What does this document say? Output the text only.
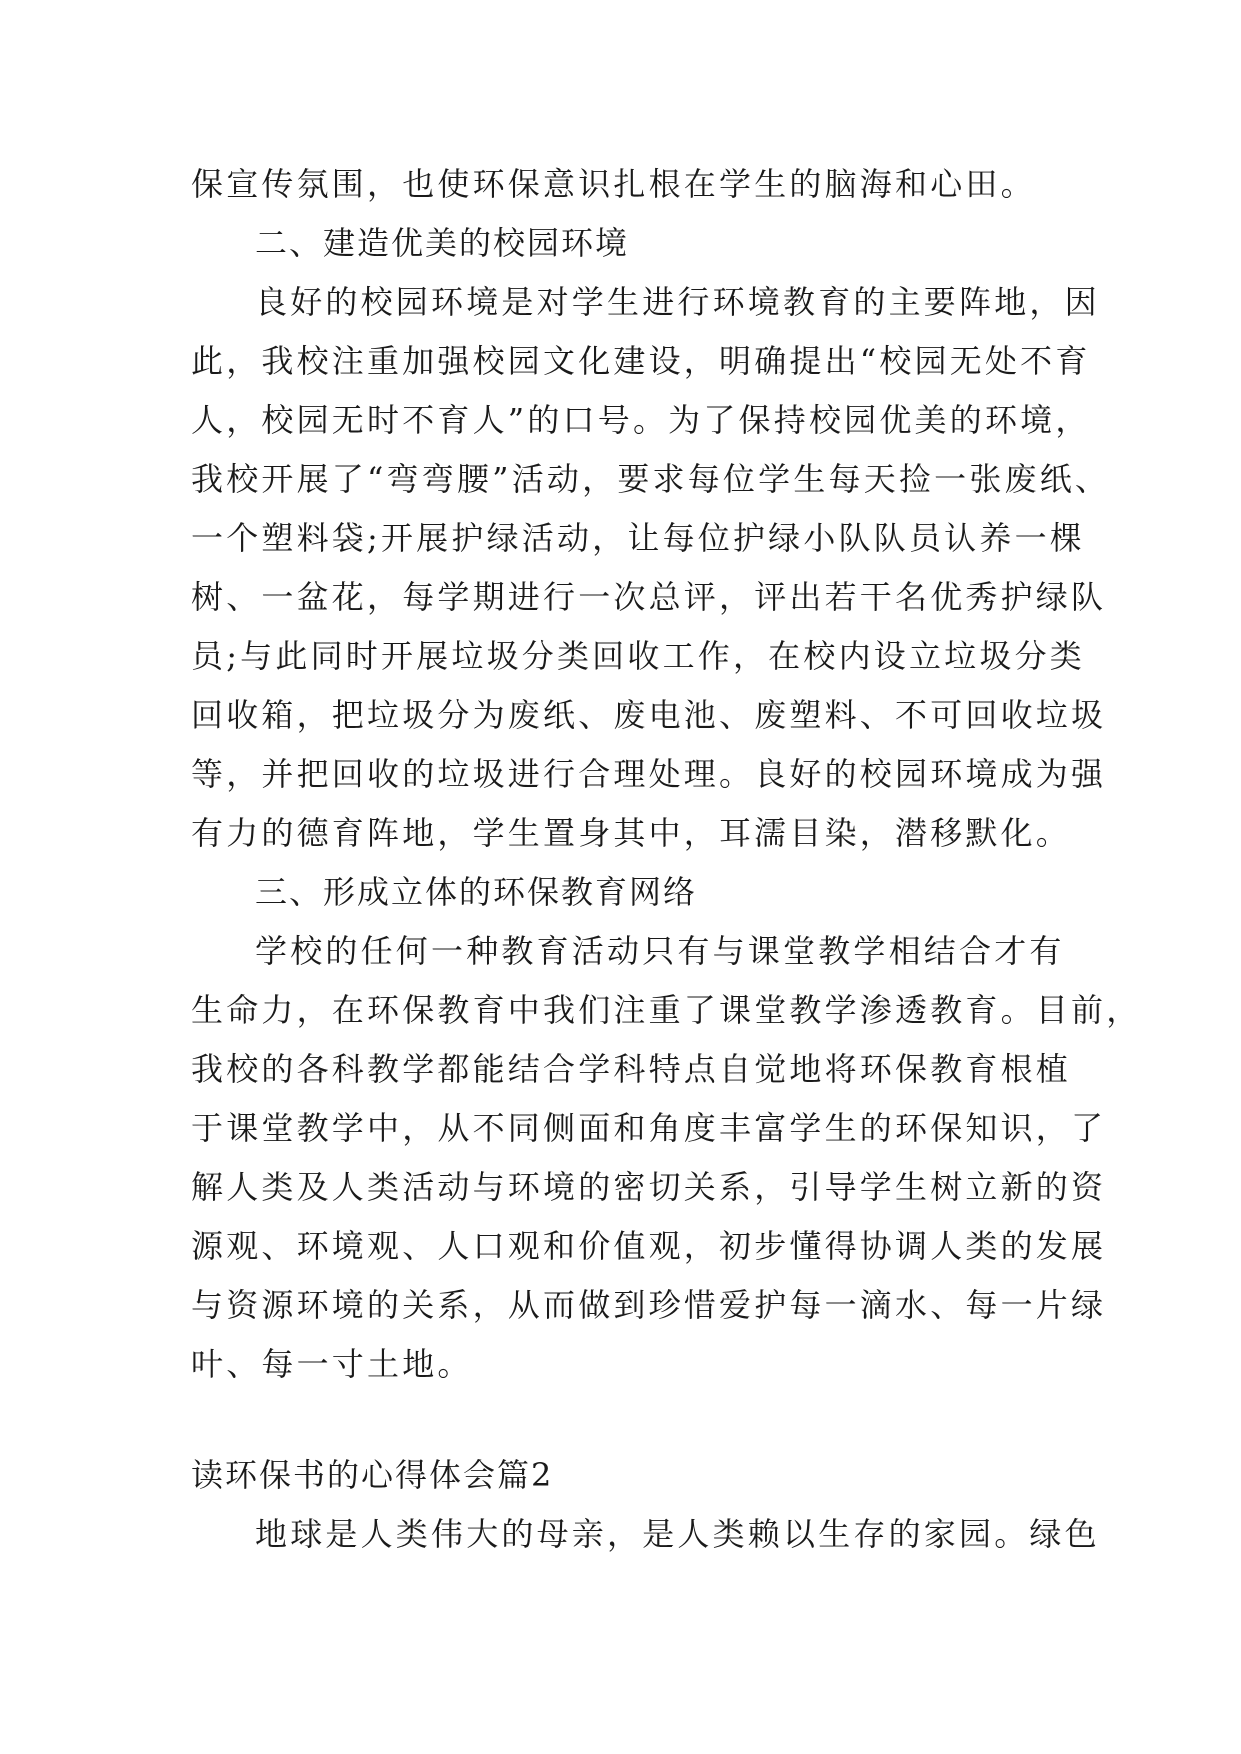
保宣传氛围，也使环保意识扎根在学生的脑海和心田。
二、建造优美的校园环境
良好的校园环境是对学生进行环境教育的主要阵地，因
此，我校注重加强校园文化建设，明确提出“校园无处不育
人，校园无时不育人”的口号。为了保持校园优美的环境，
我校开展了“弯弯腰”活动，要求每位学生每天捡一张废纸、
一个塑料袋;开展护绿活动，让每位护绿小队队员认养一棵
树、一盆花，每学期进行一次总评，评出若干名优秀护绿队
员;与此同时开展垃圾分类回收工作，在校内设立垃圾分类
回收箱，把垃圾分为废纸、废电池、废塑料、不可回收垃圾
等，并把回收的垃圾进行合理处理。良好的校园环境成为强
有力的德育阵地，学生置身其中，耳濡目染，潜移默化。
三、形成立体的环保教育网络
学校的任何一种教育活动只有与课堂教学相结合才有
生命力，在环保教育中我们注重了课堂教学渗透教育。目前，
我校的各科教学都能结合学科特点自觉地将环保教育根植
于课堂教学中，从不同侧面和角度丰富学生的环保知识，了
解人类及人类活动与环境的密切关系，引导学生树立新的资
源观、环境观、人口观和价值观，初步懂得协调人类的发展
与资源环境的关系，从而做到珍惜爱护每一滴水、每一片绿
叶、每一寸土地。
读环保书的心得体会篇2
地球是人类伟大的母亲，是人类赖以生存的家园。绿色
